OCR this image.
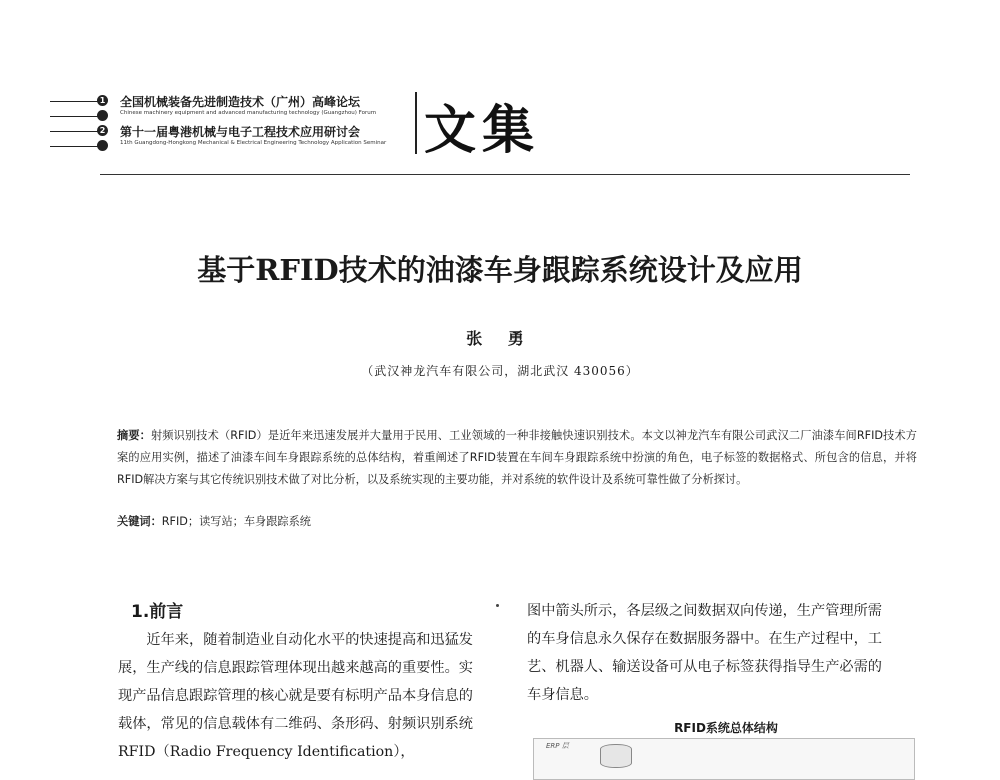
1 全国机械装备先进制造技术（广州）高峰论坛
Chinese machinery equipment and advanced manufacturing technology (Guangzhou) Forum
2 第十一届粤港机械与电子工程技术应用研讨会
11th Guangdong-Hongkong Mechanical & Electrical Engineering Technology Application Seminar 文集
基于RFID技术的油漆车身跟踪系统设计及应用
张 勇
（武汉神龙汽车有限公司，湖北武汉 430056）
摘要：射频识别技术（RFID）是近年来迅速发展并大量用于民用、工业领域的一种非接触快速识别技术。本文以神龙汽车有限公司武汉二厂油漆车间RFID技术方案的应用实例，描述了油漆车间车身跟踪系统的总体结构，着重阐述了RFID装置在车间车身跟踪系统中扮演的角色，电子标签的数据格式、所包含的信息，并将RFID解决方案与其它传统识别技术做了对比分析，以及系统实现的主要功能，并对系统的软件设计及系统可靠性做了分析探讨。
关键词：RFID；读写站；车身跟踪系统
1.前言
近年来，随着制造业自动化水平的快速提高和迅猛发展，生产线的信息跟踪管理体现出越来越高的重要性。实现产品信息跟踪管理的核心就是要有标明产品本身信息的载体，常见的信息载体有二维码、条形码、射频识别系统RFID（Radio Frequency Identification），
图中箭头所示，各层级之间数据双向传递，生产管理所需的车身信息永久保存在数据服务器中。在生产过程中，工艺、机器人、输送设备可从电子标签获得指导生产必需的车身信息。
RFID系统总体结构
ERP 层
